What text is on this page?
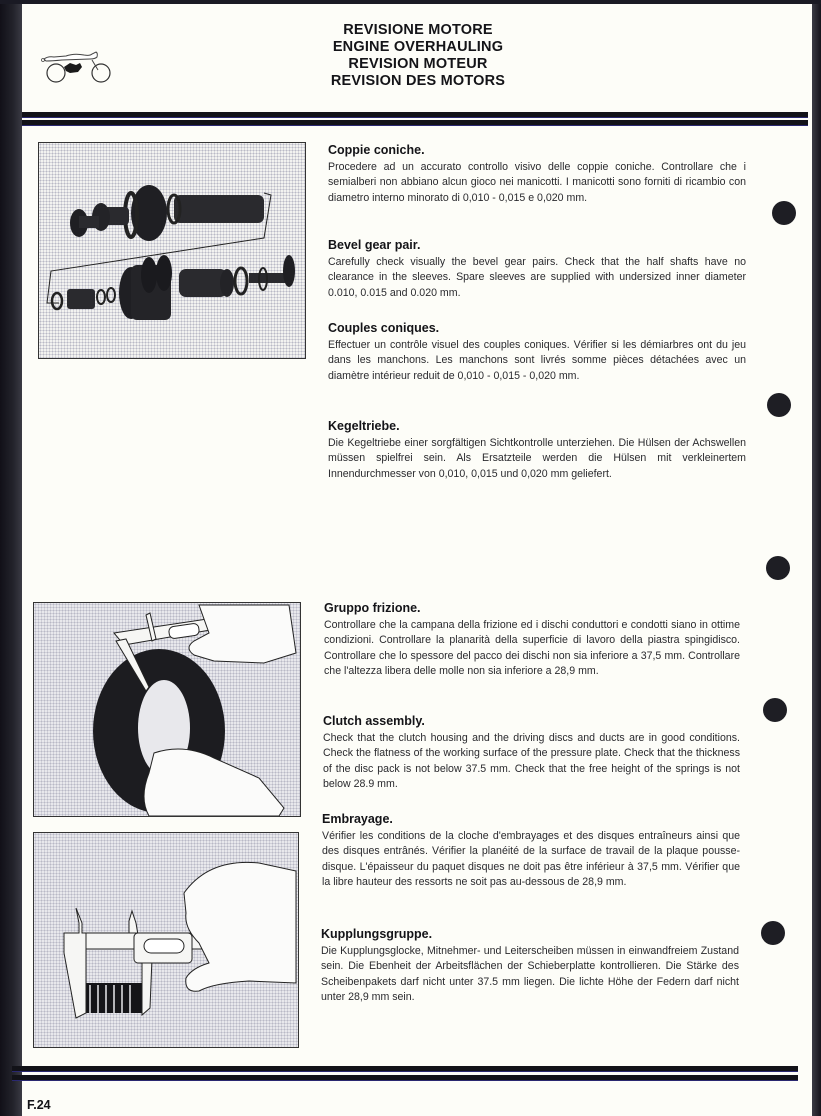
REVISIONE MOTORE
ENGINE OVERHAULING
REVISION MOTEUR
REVISION DES MOTORS
Coppie coniche.

Procedere ad un accurato controllo visivo delle coppie coniche. Controllare che i semialberi non abbiano alcun gioco nei manicotti. I manicotti sono forniti di ricambio con diametro interno minorato di 0,010 - 0,015 e 0,020 mm.

Bevel gear pair.

Carefully check visually the bevel gear pairs. Check that the half shafts have no clearance in the sleeves. Spare sleeves are supplied with undersized inner diameter 0.010, 0.015 and 0.020 mm.

Couples coniques.

Effectuer un contrôle visuel des couples coniques. Vérifier si les démiarbres ont du jeu dans les manchons. Les manchons sont livrés somme pièces détachées avec un diamètre intérieur reduit de 0,010 - 0,015 - 0,020 mm.

Kegeltriebe.

Die Kegeltriebe einer sorgfältigen Sichtkontrolle unterziehen. Die Hülsen der Achswellen müssen spielfrei sein. Als Ersatzteile werden die Hülsen mit verkleinertem Innendurchmesser von 0,010, 0,015 und 0,020 mm geliefert.

Gruppo frizione.

Controllare che la campana della frizione ed i dischi conduttori e condotti siano in ottime condizioni. Controllare la planarità della superficie di lavoro della piastra spingidisco. Controllare che lo spessore del pacco dei dischi non sia inferiore a 37,5 mm. Controllare che l'altezza libera delle molle non sia inferiore a 28,9 mm.

Clutch assembly.

Check that the clutch housing and the driving discs and ducts are in good conditions. Check the flatness of the working surface of the pressure plate. Check that the thickness of the disc pack is not below 37.5 mm. Check that the free height of the springs is not below 28.9 mm.

Embrayage.

Vérifier les conditions de la cloche d'embrayages et des disques entraîneurs ainsi que des disques entrânés. Vérifier la planéité de la surface de travail de la plaque pousse-disque. L'épaisseur du paquet disques ne doit pas être inférieur à 37,5 mm. Vérifier que la libre hauteur des ressorts ne soit pas au-dessous de 28,9 mm.

Kupplungsgruppe.

Die Kupplungsglocke, Mitnehmer- und Leiterscheiben müssen in einwandfreiem Zustand sein. Die Ebenheit der Arbeitsflächen der Schieberplatte kontrollieren. Die Stärke des Scheibenpakets darf nicht unter 37.5 mm liegen. Die lichte Höhe der Federn darf nicht unter 28,9 mm sein.

F.24
